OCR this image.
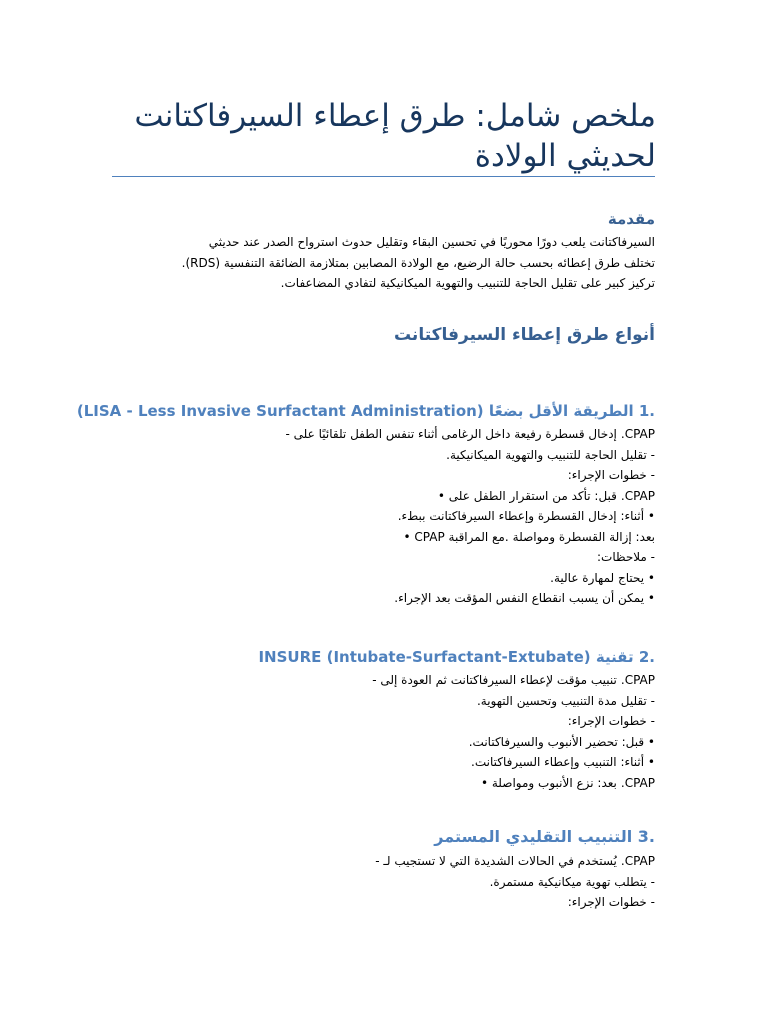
ملخص شامل: طرق إعطاء السيرفاكتانت لحديثي الولادة
مقدمة
السيرفاكتانت يلعب دورًا محوريًا في تحسين البقاء وتقليل حدوث استرواح الصدر عند حديثي
.(RDS) الولادة المصابين بمتلازمة الضائقة التنفسية تختلف طرق إعطائه بحسب حالة الرضيع، مع
.تركيز كبير على تقليل الحاجة للتنبيب والتهوية الميكانيكية لتفادي المضاعفات
أنواع طرق إعطاء السيرفاكتانت
1. الطريقة الأقل بضعًا (LISA - Less Invasive Surfactant Administration)
- إدخال قسطرة رفيعة داخل الرغامى أثناء تنفس الطفل تلقائيًا على .CPAP
.تقليل الحاجة للتنبيب والتهوية الميكانيكية -
:خطوات الإجراء -
• قبل: تأكد من استقرار الطفل على .CPAP
.أثناء: إدخال القسطرة وإعطاء السيرفاكتانت ببطء •
• CPAP مع المراقبة. بعد: إزالة القسطرة ومواصلة
:ملاحظات -
.يحتاج لمهارة عالية •
.يمكن أن يسبب انقطاع النفس المؤقت بعد الإجراء •
2. تقنية INSURE (Intubate-Surfactant-Extubate)
- تنبيب مؤقت لإعطاء السيرفاكتانت ثم العودة إلى .CPAP
.تقليل مدة التنبيب وتحسين التهوية -
:خطوات الإجراء -
.قبل: تحضير الأنبوب والسيرفاكتانت •
.أثناء: التنبيب وإعطاء السيرفاكتانت •
• بعد: نزع الأنبوب ومواصلة .CPAP
3. التنبيب التقليدي المستمر
- يُستخدم في الحالات الشديدة التي لا تستجيب لـ .CPAP
.يتطلب تهوية ميكانيكية مستمرة -
:خطوات الإجراء -
